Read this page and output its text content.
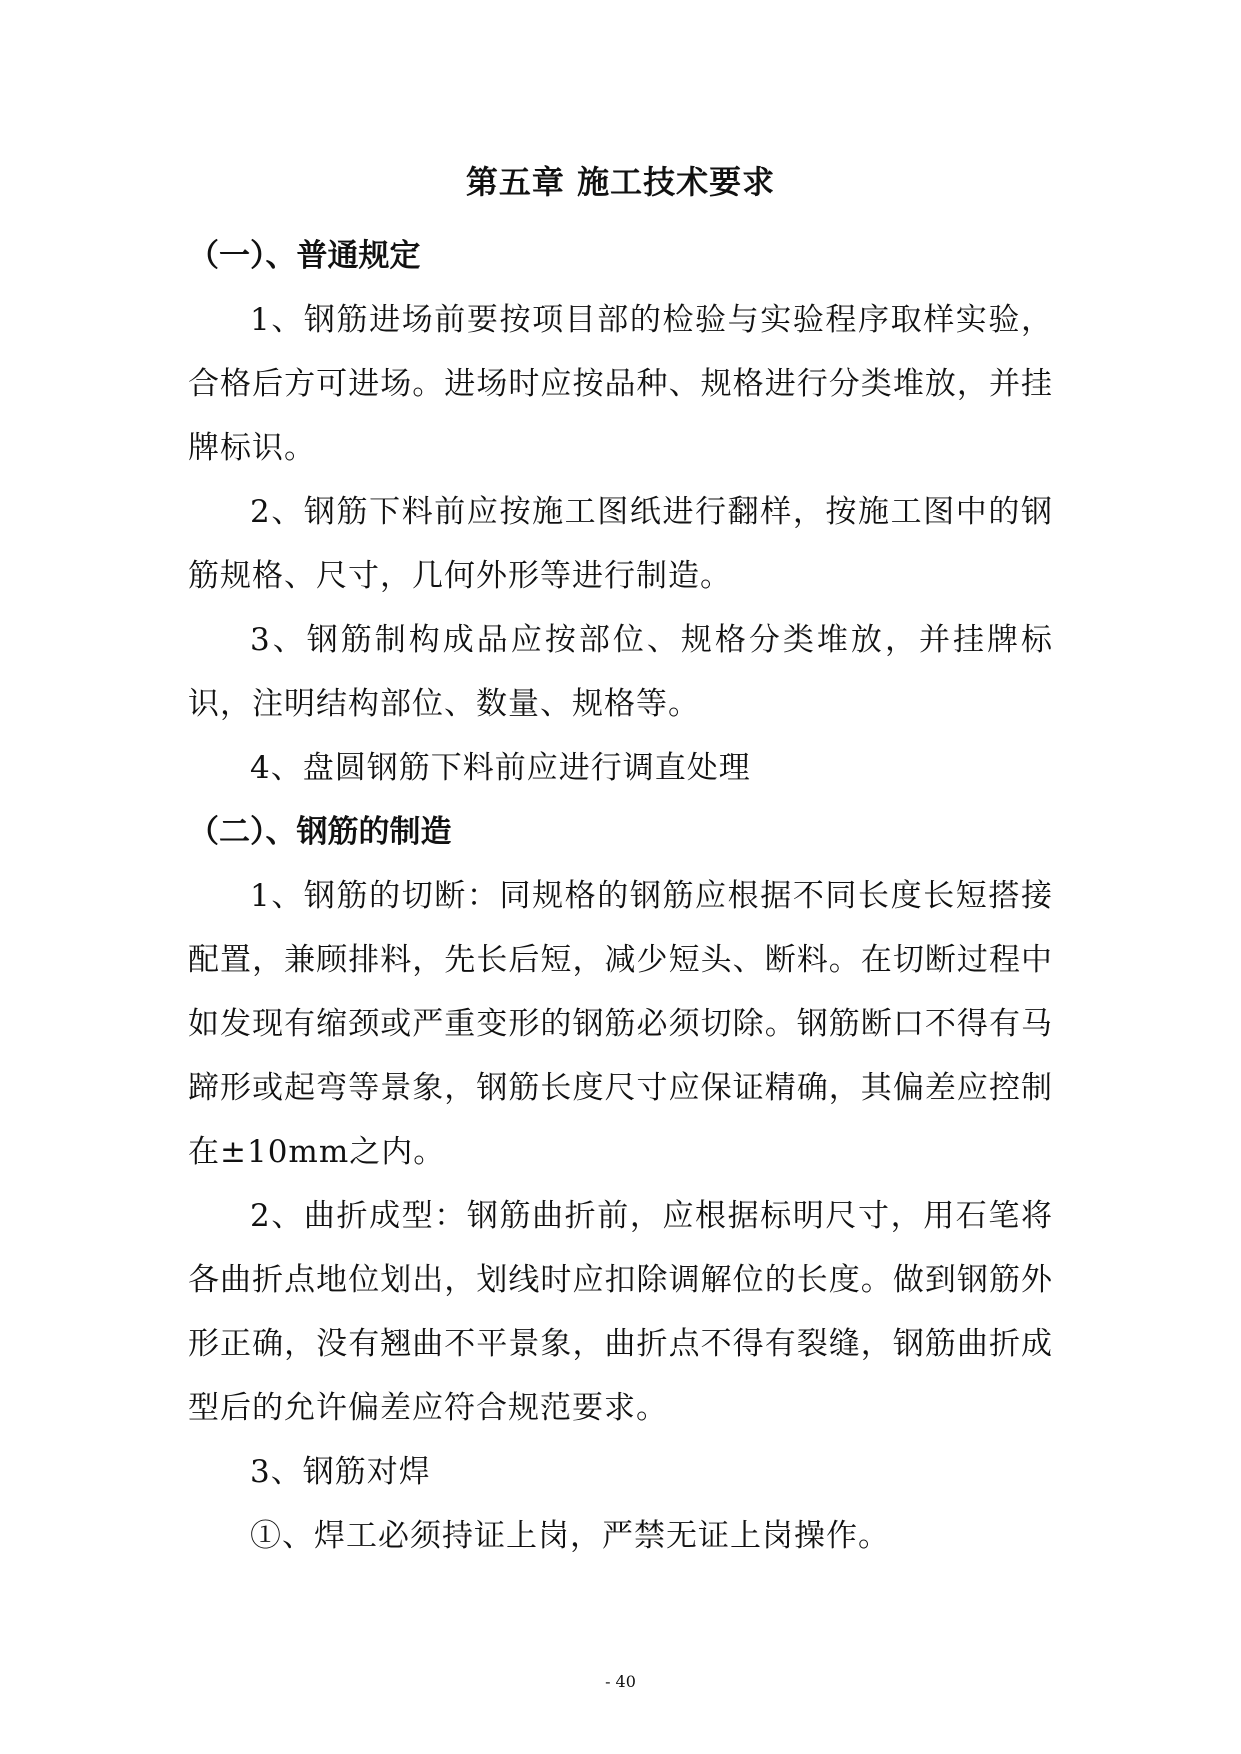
第五章 施工技术要求

（一）、普通规定

1、钢筋进场前要按项目部的检验与实验程序取样实验，合格后方可进场。进场时应按品种、规格进行分类堆放，并挂牌标识。

2、钢筋下料前应按施工图纸进行翻样，按施工图中的钢筋规格、尺寸，几何外形等进行制造。

3、钢筋制构成品应按部位、规格分类堆放，并挂牌标识，注明结构部位、数量、规格等。

4、盘圆钢筋下料前应进行调直处理

（二）、钢筋的制造

1、钢筋的切断：同规格的钢筋应根据不同长度长短搭接配置，兼顾排料，先长后短，减少短头、断料。在切断过程中如发现有缩颈或严重变形的钢筋必须切除。钢筋断口不得有马蹄形或起弯等景象，钢筋长度尺寸应保证精确，其偏差应控制在±10mm之内。

2、曲折成型：钢筋曲折前，应根据标明尺寸，用石笔将各曲折点地位划出，划线时应扣除调解位的长度。做到钢筋外形正确，没有翘曲不平景象，曲折点不得有裂缝，钢筋曲折成型后的允许偏差应符合规范要求。

3、钢筋对焊

①、焊工必须持证上岗，严禁无证上岗操作。

- 40
